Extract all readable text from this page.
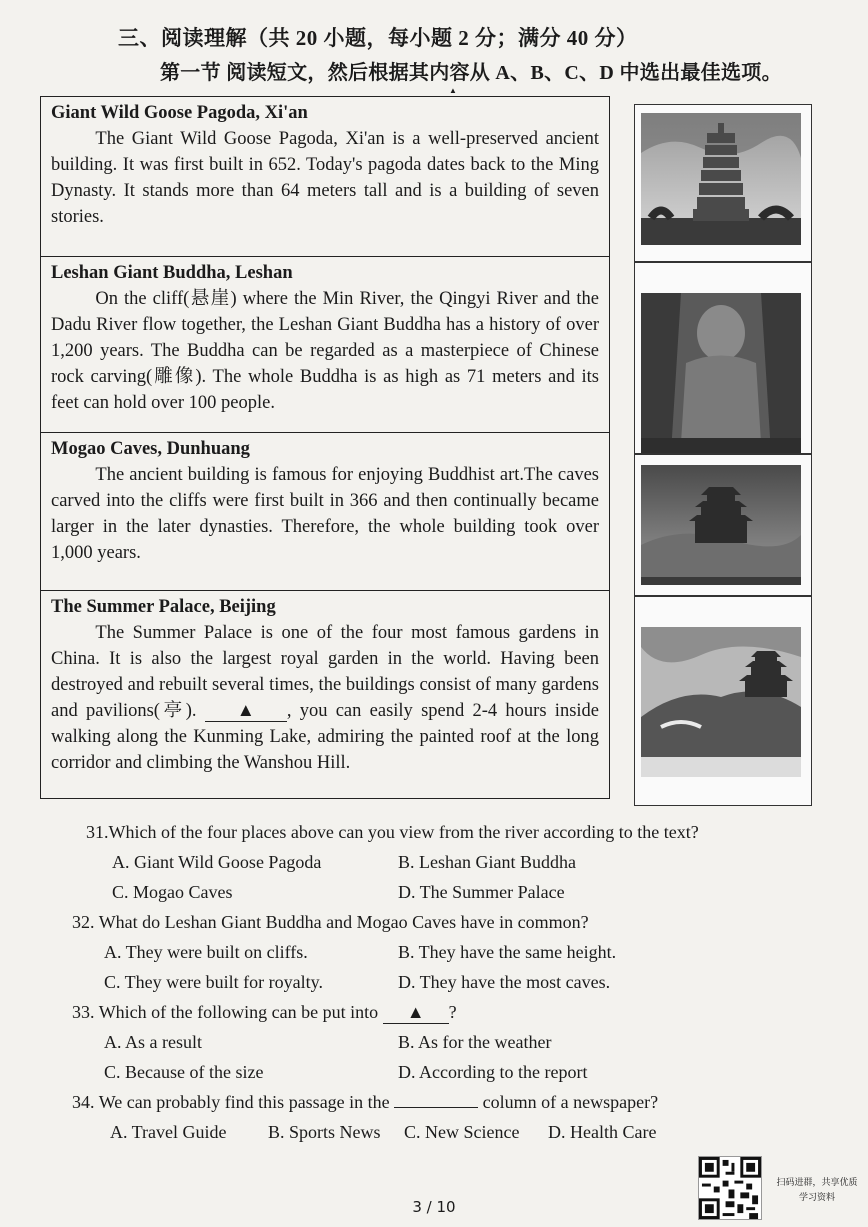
三、阅读理解（共 20 小题，每小题 2 分；满分 40 分）
第一节 阅读短文，然后根据其内容从 A、B、C、D 中选出最佳选项。
▲
Giant Wild Goose Pagoda, Xi'an
The Giant Wild Goose Pagoda, Xi'an is a well-preserved ancient building. It was first built in 652. Today's pagoda dates back to the Ming Dynasty. It stands more than 64 meters tall and is a building of seven stories.
Leshan Giant Buddha, Leshan
On the cliff(悬崖) where the Min River, the Qingyi River and the Dadu River flow together, the Leshan Giant Buddha has a history of over 1,200 years. The Buddha can be regarded as a masterpiece of Chinese rock carving(雕像). The whole Buddha is as high as 71 meters and its feet can hold over 100 people.
Mogao Caves, Dunhuang
The ancient building is famous for enjoying Buddhist art.The caves carved into the cliffs were first built in 366 and then continually became larger in the later dynasties. Therefore, the whole building took over 1,000 years.
The Summer Palace, Beijing
The Summer Palace is one of the four most famous gardens in China. It is also the largest royal garden in the world. Having been destroyed and rebuilt several times, the buildings consist of many gardens and pavilions(亭). ▲ , you can easily spend 2-4 hours inside walking along the Kunming Lake, admiring the painted roof at the long corridor and climbing the Wanshou Hill.
31.Which of the four places above can you view from the river according to the text?
A. Giant Wild Goose Pagoda	B. Leshan Giant Buddha
C. Mogao Caves	D. The Summer Palace
32. What do Leshan Giant Buddha and Mogao Caves have in common?
A. They were built on cliffs.	B. They have the same height.
C. They were built for royalty.	D. They have the most caves.
33. Which of the following can be put into ▲ ?
A. As a result	B. As for the weather
C. Because of the size	D. According to the report
34. We can probably find this passage in the	column of a newspaper?
A. Travel Guide B. Sports News C. New Science D. Health Care
扫码进群，共享优质
学习资料
3 / 10
